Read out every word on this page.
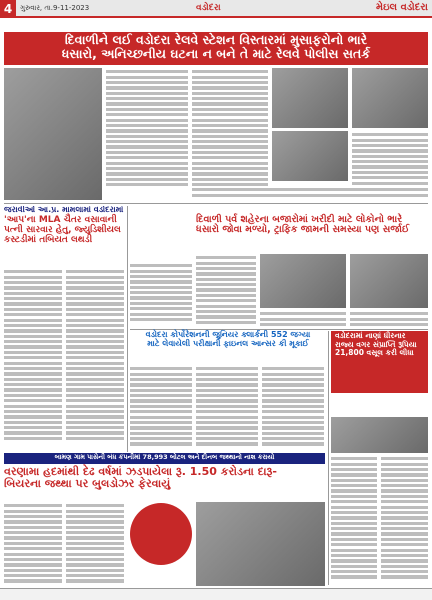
4	ગુરુવાર, તા.9-11-2023	વડોદરા	મેઇલ વડોદરા
દિવાળીને લઈ વડોદરા રેલવે સ્ટેશન વિસ્તારમાં મુસાફરોનો ભારે
ધસારો, અનિચ્છનીય ઘટના ન બને તે માટે રેલવે પોલીસ સતર્ક
જરાવીઓ આ.પ્ર. મામલામાં વડોદરામાં
'આપ'ના MLA ચૈતર વસાવાની પત્ની સારવાર હેતુ, જ્યુડિશીયલ કસ્ટડીમાં તબિયત લથડી
દિવાળી પર્વ શહેરના બજારોમાં ખરીદી માટે લોકોનો ભારે
ધસારો જોવા મળ્યો, ટ્રાફિક જામની સમસ્યા પણ સર્જાઈ
વડોદરા કોર્પોરેશનની જુનિયર ક્લાર્કની 552 જગ્યા
માટે લેવાયેલી પરીક્ષાની ફાઇનલ આન્સર કી મૂકાઈ
વડોદરામાં નાણાં ધીરનાર રાજ્ય વગર સંપ્રાપ્તિ રૂપિયા 21,800 વસૂલ કરી લીધા
બામણ ગામ પાસેની બંધ કંપનીમાં 78,993 બોટલ અને દીનબ જથ્થાનો નાશ કરાયો
વરણામા હદમાંથી દેઢ વર્ષમાં ઝડપાયેલા રૂ. 1.50 કરોડના દારૂ-
બિયરના જથ્થા પર બુલડોઝર ફેરવાયું
